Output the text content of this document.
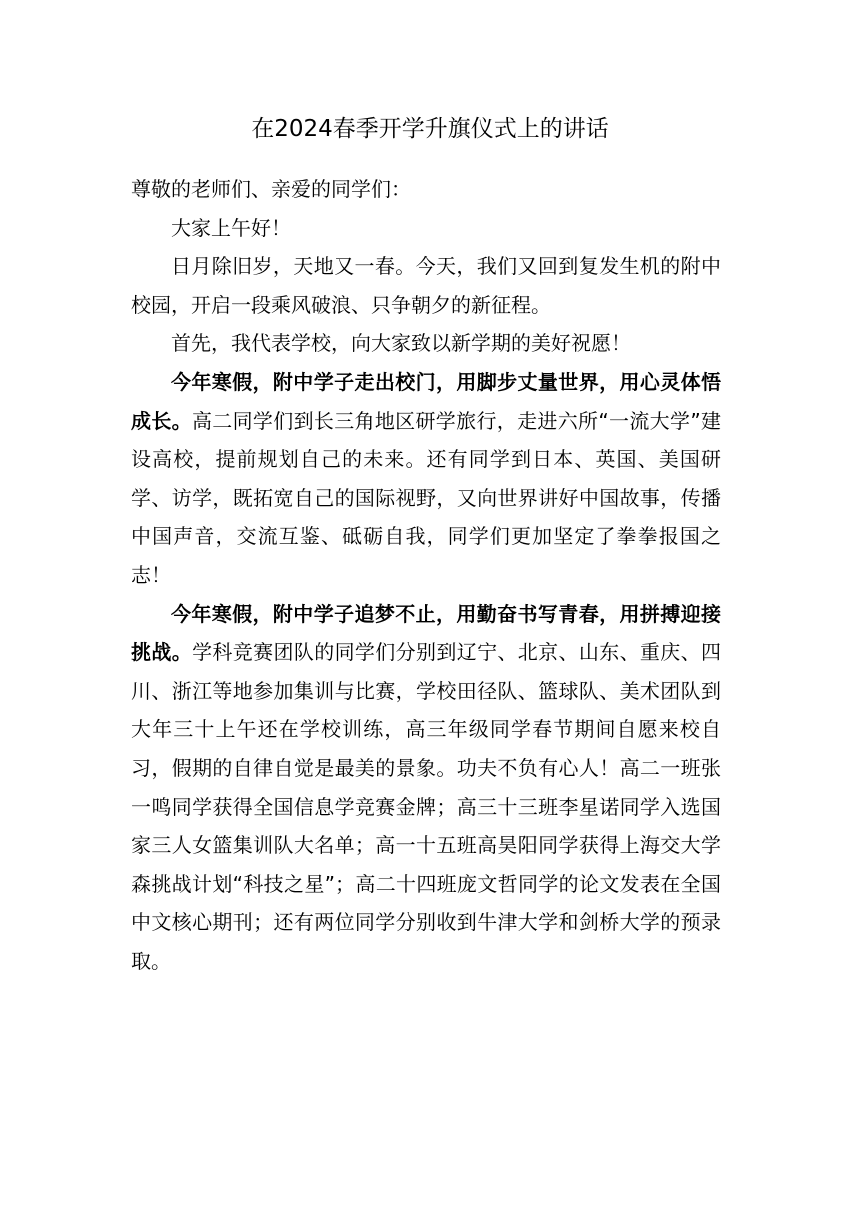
在2024春季开学升旗仪式上的讲话

尊敬的老师们、亲爱的同学们：

大家上午好！

日月除旧岁，天地又一春。今天，我们又回到复发生机的附中校园，开启一段乘风破浪、只争朝夕的新征程。

首先，我代表学校，向大家致以新学期的美好祝愿！

今年寒假，附中学子走出校门，用脚步丈量世界，用心灵体悟成长。高二同学们到长三角地区研学旅行，走进六所“一流大学”建设高校，提前规划自己的未来。还有同学到日本、英国、美国研学、访学，既拓宽自己的国际视野，又向世界讲好中国故事，传播中国声音，交流互鉴、砥砺自我，同学们更加坚定了拳拳报国之志！

今年寒假，附中学子追梦不止，用勤奋书写青春，用拼搏迎接挑战。学科竞赛团队的同学们分别到辽宁、北京、山东、重庆、四川、浙江等地参加集训与比赛，学校田径队、篮球队、美术团队到大年三十上午还在学校训练，高三年级同学春节期间自愿来校自习，假期的自律自觉是最美的景象。功夫不负有心人！高二一班张一鸣同学获得全国信息学竞赛金牌；高三十三班李星诺同学入选国家三人女篮集训队大名单；高一十五班高昊阳同学获得上海交大学森挑战计划“科技之星”；高二十四班庞文哲同学的论文发表在全国中文核心期刊；还有两位同学分别收到牛津大学和剑桥大学的预录取。
